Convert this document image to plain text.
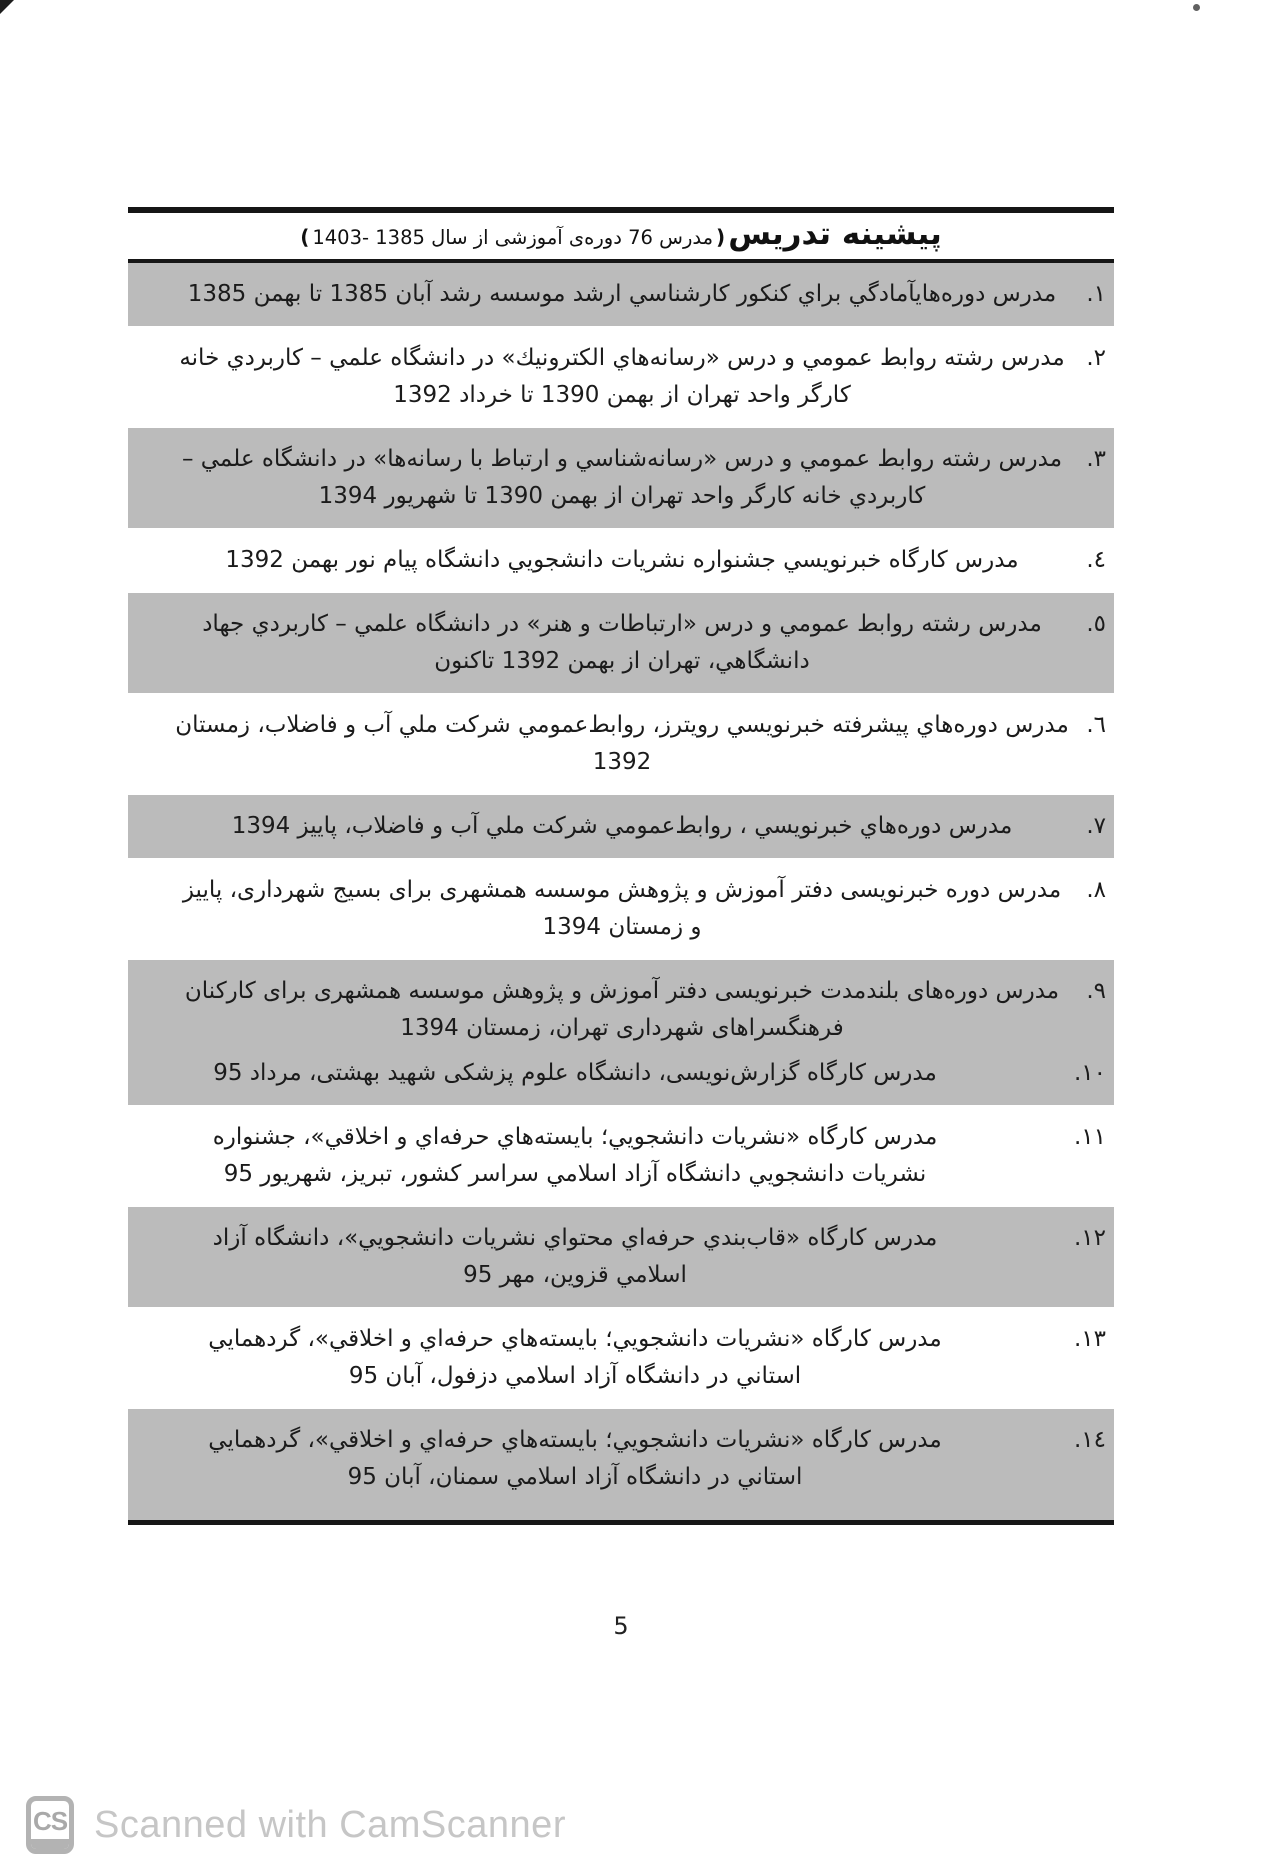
پیشینه تدریس
)
مدرس 76 دوره‌ی آموزشی از سال 1385 -1403
(
١.
مدرس دوره‌هايآمادگي براي كنكور كارشناسي ارشد موسسه رشد آبان 1385 تا بهمن 1385
٢.
مدرس رشته روابط عمومي و درس «رسانه‌هاي الكترونيك» در دانشگاه علمي – كاربردي خانه كارگر واحد تهران از بهمن 1390 تا خرداد 1392
٣.
مدرس رشته روابط عمومي و درس «رسانه‌شناسي و ارتباط با رسانه‌ها» در دانشگاه علمي – كاربردي خانه كارگر واحد تهران از بهمن 1390 تا شهريور 1394
٤.
مدرس كارگاه خبرنويسي جشنواره نشريات دانشجويي دانشگاه پيام نور بهمن 1392
٥.
مدرس رشته روابط عمومي و درس «ارتباطات و هنر» در دانشگاه علمي – كاربردي جهاد دانشگاهي، تهران از بهمن 1392 تاكنون
٦.
مدرس دوره‌هاي پيشرفته خبرنويسي رويترز، روابط‌عمومي شركت ملي آب و فاضلاب، زمستان 1392
٧.
مدرس دوره‌هاي خبرنويسي ، روابط‌عمومي شركت ملي آب و فاضلاب، پاييز 1394
٨.
مدرس دوره خبرنویسی دفتر آموزش و پژوهش موسسه همشهری برای بسیج شهرداری، پاییز و زمستان 1394
٩.
مدرس دوره‌های بلندمدت خبرنویسی دفتر آموزش و پژوهش موسسه همشهری برای کارکنان فرهنگسراهای شهرداری تهران، زمستان 1394
١٠.
مدرس كارگاه گزارش‌نویسی، دانشگاه علوم پزشکی شهید بهشتی، مرداد 95
١١.
مدرس كارگاه «نشريات دانشجويي؛ بايسته‌هاي حرفه‌اي و اخلاقي»، جشنواره نشريات دانشجويي دانشگاه آزاد اسلامي سراسر كشور، تبريز، شهريور 95
١٢.
مدرس كارگاه «قاب‌بندي حرفه‌اي محتواي نشريات دانشجويي»، دانشگاه آزاد اسلامي قزوين، مهر 95
١٣.
مدرس كارگاه «نشريات دانشجويي؛ بايسته‌هاي حرفه‌اي و اخلاقي»، گردهمايي استاني در دانشگاه آزاد اسلامي دزفول، آبان 95
١٤.
مدرس كارگاه «نشريات دانشجويي؛ بايسته‌هاي حرفه‌اي و اخلاقي»، گردهمايي استاني در دانشگاه آزاد اسلامي سمنان، آبان 95
5
CS Scanned with CamScanner
